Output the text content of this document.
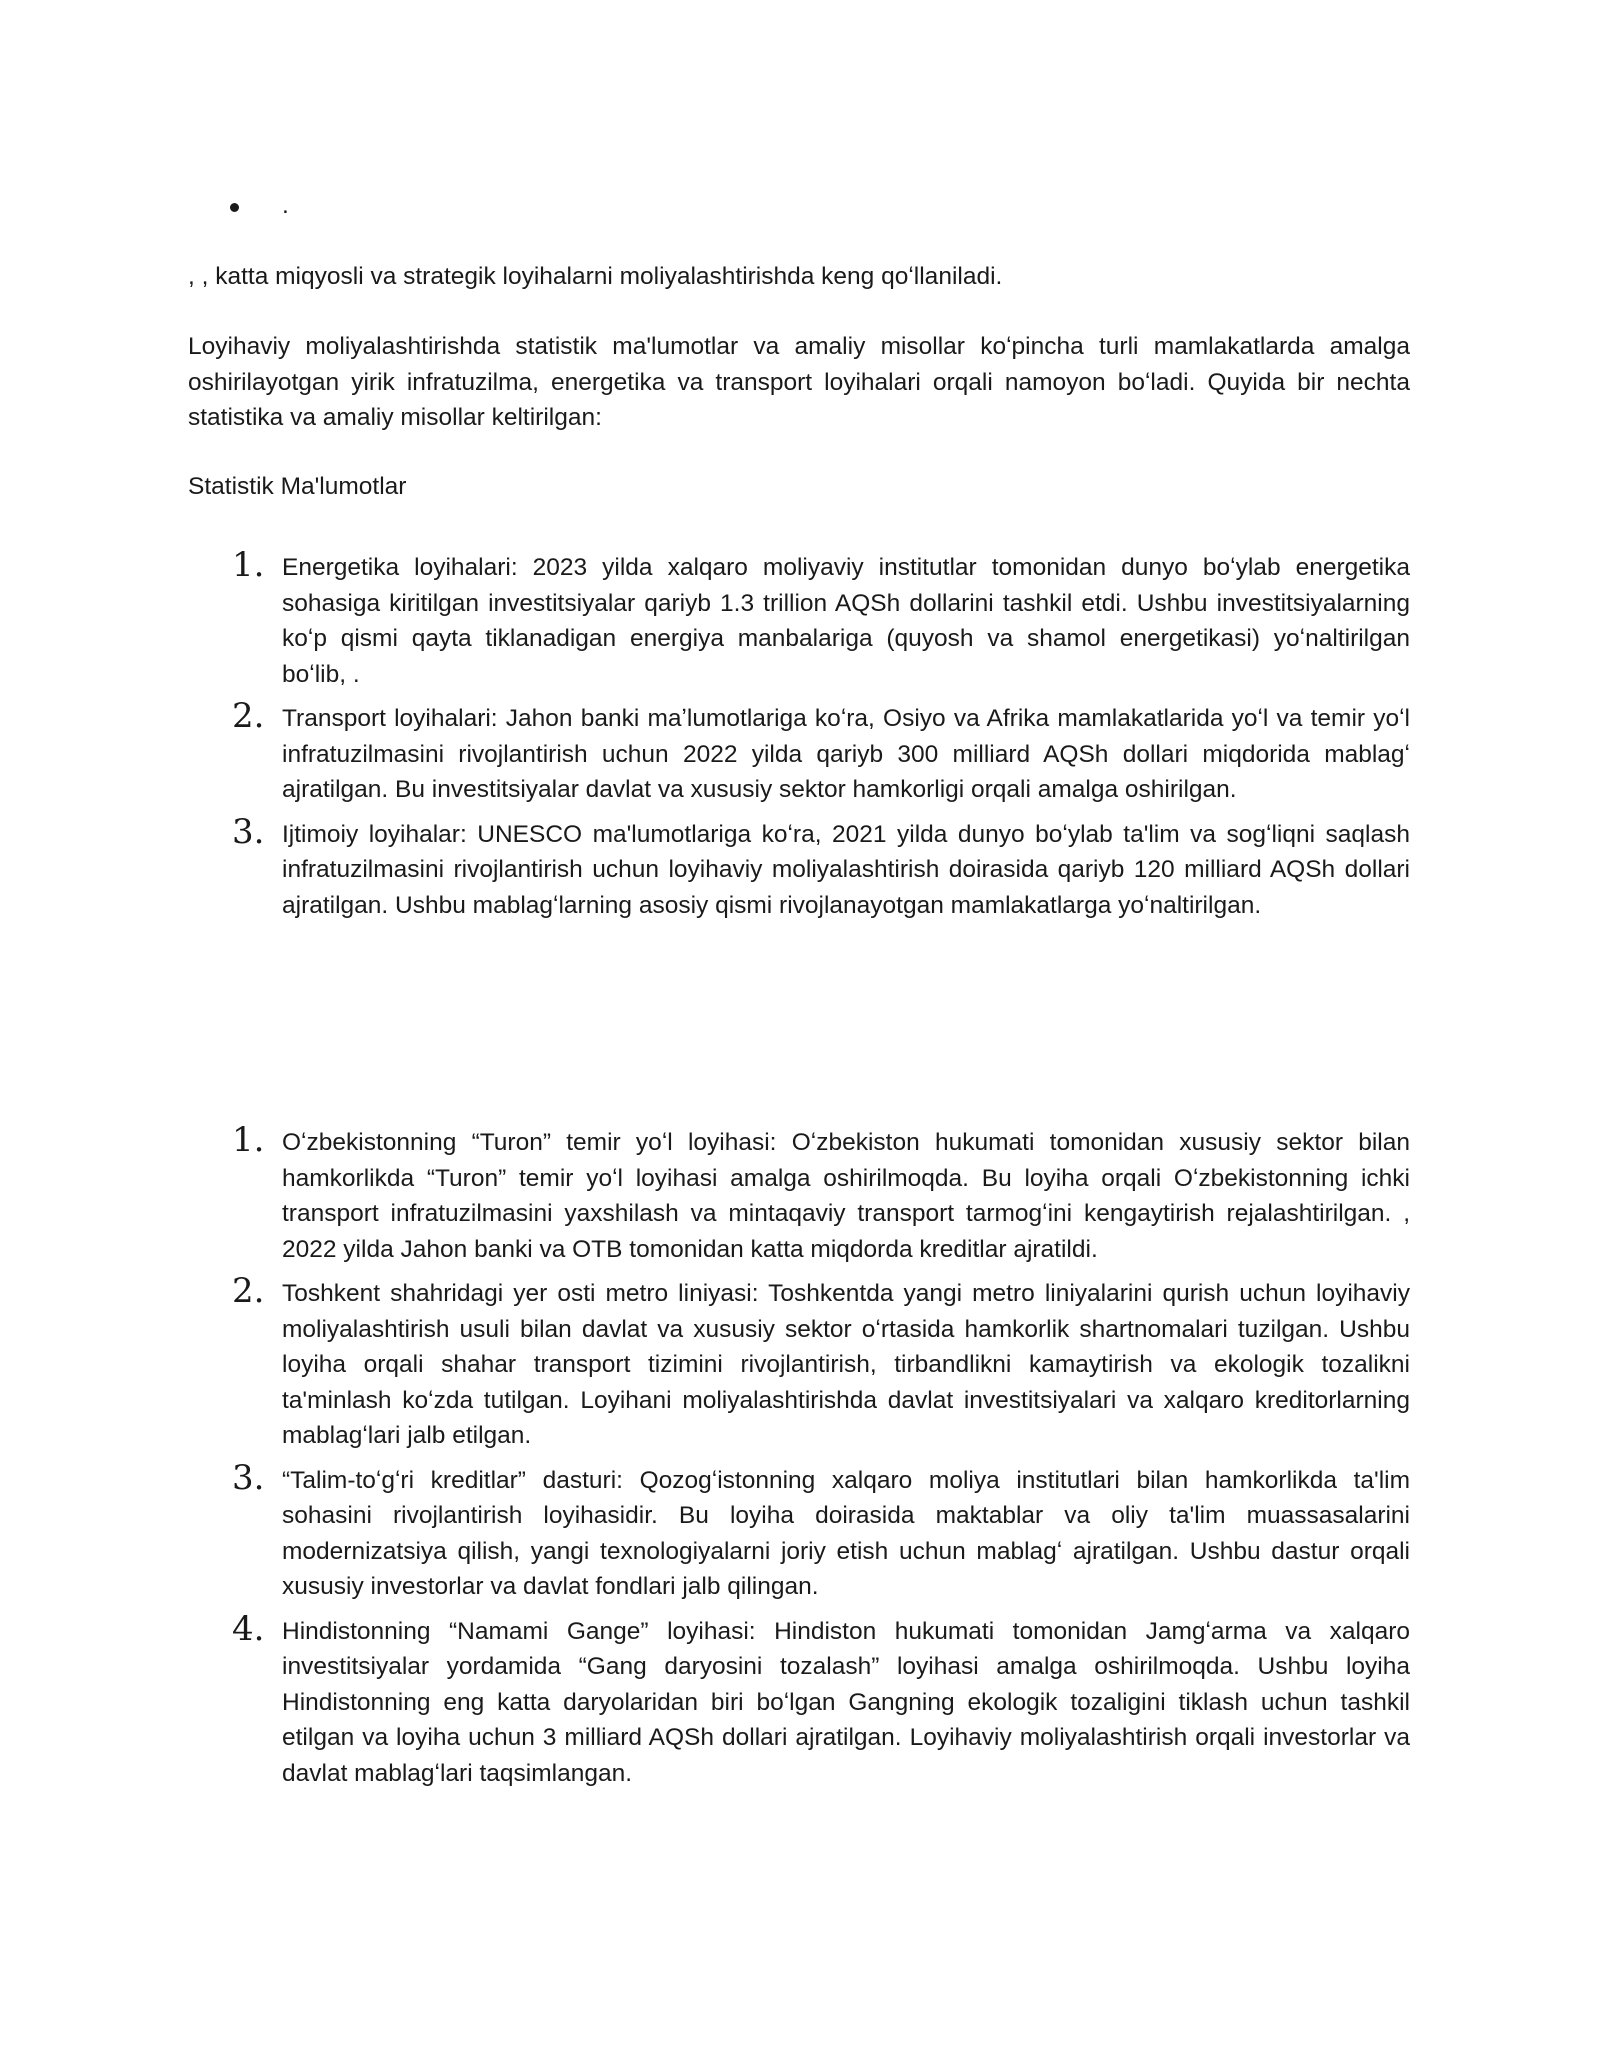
.
, , katta miqyosli va strategik loyihalarni moliyalashtirishda keng qoʻllaniladi.
Loyihaviy moliyalashtirishda statistik ma'lumotlar va amaliy misollar koʻpincha turli mamlakatlarda amalga oshirilayotgan yirik infratuzilma, energetika va transport loyihalari orqali namoyon boʻladi. Quyida bir nechta statistika va amaliy misollar keltirilgan:
Statistik Ma'lumotlar
1. Energetika loyihalari: 2023 yilda xalqaro moliyaviy institutlar tomonidan dunyo boʻylab energetika sohasiga kiritilgan investitsiyalar qariyb 1.3 trillion AQSh dollarini tashkil etdi. Ushbu investitsiyalarning koʻp qismi qayta tiklanadigan energiya manbalariga (quyosh va shamol energetikasi) yoʻnaltirilgan boʻlib, .
2. Transport loyihalari: Jahon banki maʼlumotlariga koʻra, Osiyo va Afrika mamlakatlarida yoʻl va temir yoʻl infratuzilmasini rivojlantirish uchun 2022 yilda qariyb 300 milliard AQSh dollari miqdorida mablagʻ ajratilgan. Bu investitsiyalar davlat va xususiy sektor hamkorligi orqali amalga oshirilgan.
3. Ijtimoiy loyihalar: UNESCO ma'lumotlariga koʻra, 2021 yilda dunyo boʻylab ta'lim va sogʻliqni saqlash infratuzilmasini rivojlantirish uchun loyihaviy moliyalashtirish doirasida qariyb 120 milliard AQSh dollari ajratilgan. Ushbu mablagʻlarning asosiy qismi rivojlanayotgan mamlakatlarga yoʻnaltirilgan.
1. Oʻzbekistonning “Turon” temir yoʻl loyihasi: Oʻzbekiston hukumati tomonidan xususiy sektor bilan hamkorlikda “Turon” temir yoʻl loyihasi amalga oshirilmoqda. Bu loyiha orqali Oʻzbekistonning ichki transport infratuzilmasini yaxshilash va mintaqaviy transport tarmogʻini kengaytirish rejalashtirilgan. , 2022 yilda Jahon banki va OTB tomonidan katta miqdorda kreditlar ajratildi.
2. Toshkent shahridagi yer osti metro liniyasi: Toshkentda yangi metro liniyalarini qurish uchun loyihaviy moliyalashtirish usuli bilan davlat va xususiy sektor oʻrtasida hamkorlik shartnomalari tuzilgan. Ushbu loyiha orqali shahar transport tizimini rivojlantirish, tirbandlikni kamaytirish va ekologik tozalikni ta'minlash koʻzda tutilgan. Loyihani moliyalashtirishda davlat investitsiyalari va xalqaro kreditorlarning mablagʻlari jalb etilgan.
3. “Talim-toʻgʻri kreditlar” dasturi: Qozogʻistonning xalqaro moliya institutlari bilan hamkorlikda ta'lim sohasini rivojlantirish loyihasidir. Bu loyiha doirasida maktablar va oliy ta'lim muassasalarini modernizatsiya qilish, yangi texnologiyalarni joriy etish uchun mablagʻ ajratilgan. Ushbu dastur orqali xususiy investorlar va davlat fondlari jalb qilingan.
4. Hindistonning “Namami Gange” loyihasi: Hindiston hukumati tomonidan Jamgʻarma va xalqaro investitsiyalar yordamida “Gang daryosini tozalash” loyihasi amalga oshirilmoqda. Ushbu loyiha Hindistonning eng katta daryolaridan biri boʻlgan Gangning ekologik tozaligini tiklash uchun tashkil etilgan va loyiha uchun 3 milliard AQSh dollari ajratilgan. Loyihaviy moliyalashtirish orqali investorlar va davlat mablagʻlari taqsimlangan.
